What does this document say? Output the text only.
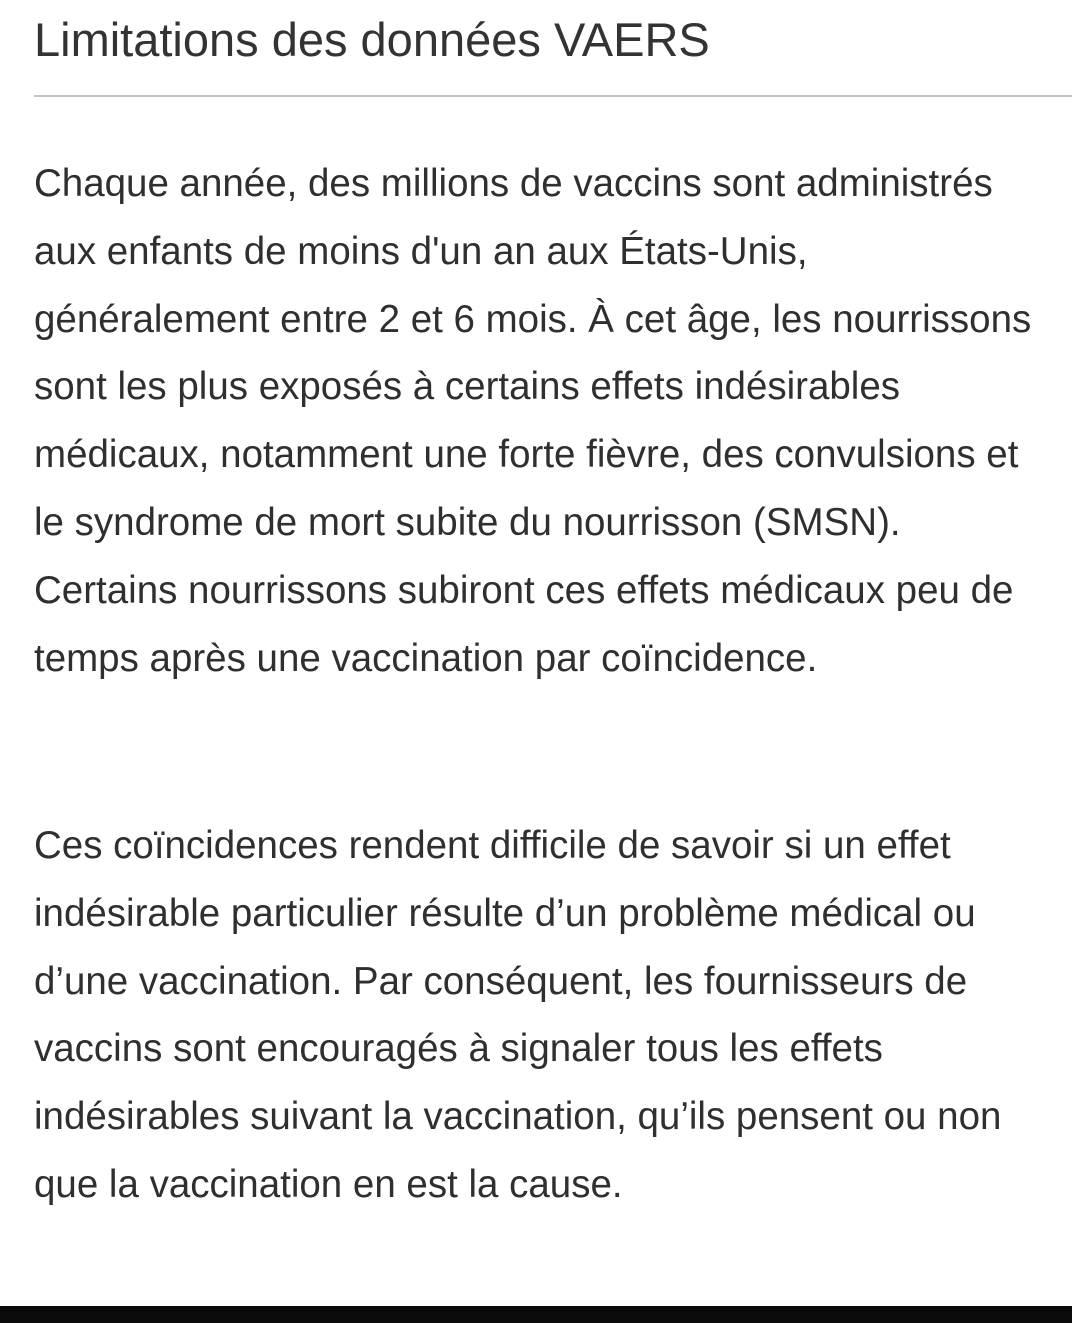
Limitations des données VAERS

Chaque année, des millions de vaccins sont administrés aux enfants de moins d'un an aux États-Unis, généralement entre 2 et 6 mois. À cet âge, les nourrissons sont les plus exposés à certains effets indésirables médicaux, notamment une forte fièvre, des convulsions et le syndrome de mort subite du nourrisson (SMSN). Certains nourrissons subiront ces effets médicaux peu de temps après une vaccination par coïncidence.

Ces coïncidences rendent difficile de savoir si un effet indésirable particulier résulte d’un problème médical ou d’une vaccination. Par conséquent, les fournisseurs de vaccins sont encouragés à signaler tous les effets indésirables suivant la vaccination, qu’ils pensent ou non que la vaccination en est la cause.
